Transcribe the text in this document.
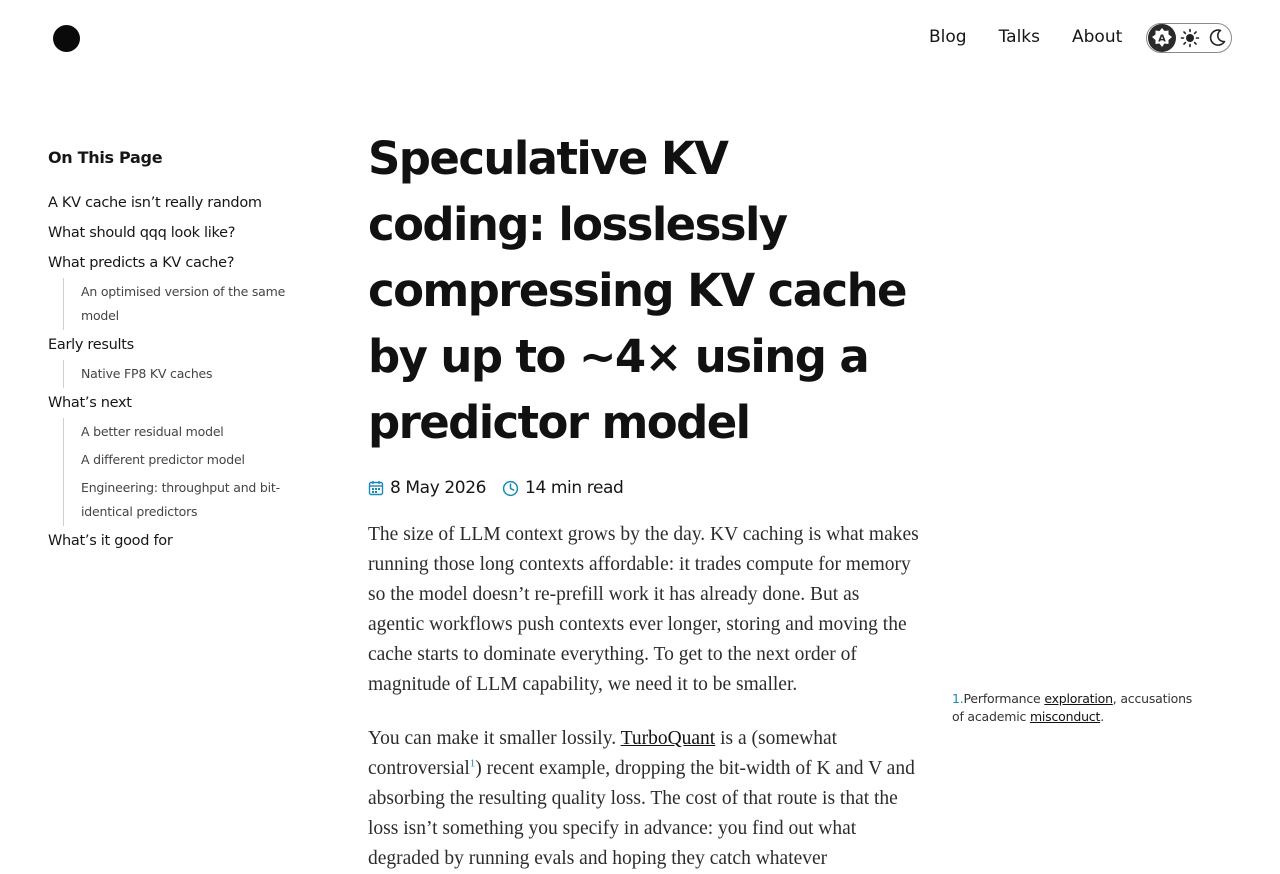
Blog Talks About	A
On This Page
A KV cache isn’t really random
What should qqq look like?
What predicts a KV cache?
An optimised version of the same model
Early results
Native FP8 KV caches
What’s next
A better residual model
A different predictor model
Engineering: throughput and bit-identical predictors
What’s it good for
Speculative KV coding: losslessly compressing KV cache by up to ~4× using a predictor model
8 May 2026 14 min read

The size of LLM context grows by the day. KV caching is what makes running those long contexts affordable: it trades compute for memory so the model doesn’t re-prefill work it has already done. But as agentic workflows push contexts ever longer, storing and moving the cache starts to dominate everything. To get to the next order of magnitude of LLM capability, we need it to be smaller.

You can make it smaller lossily. TurboQuant is a (somewhat controversial$^1$) recent example, dropping the bit-width of K and V and absorbing the resulting quality loss. The cost of that route is that the loss isn’t something you specify in advance: you find out what degraded by running evals and hoping they catch whatever

1.Performance exploration, accusations of academic misconduct.
